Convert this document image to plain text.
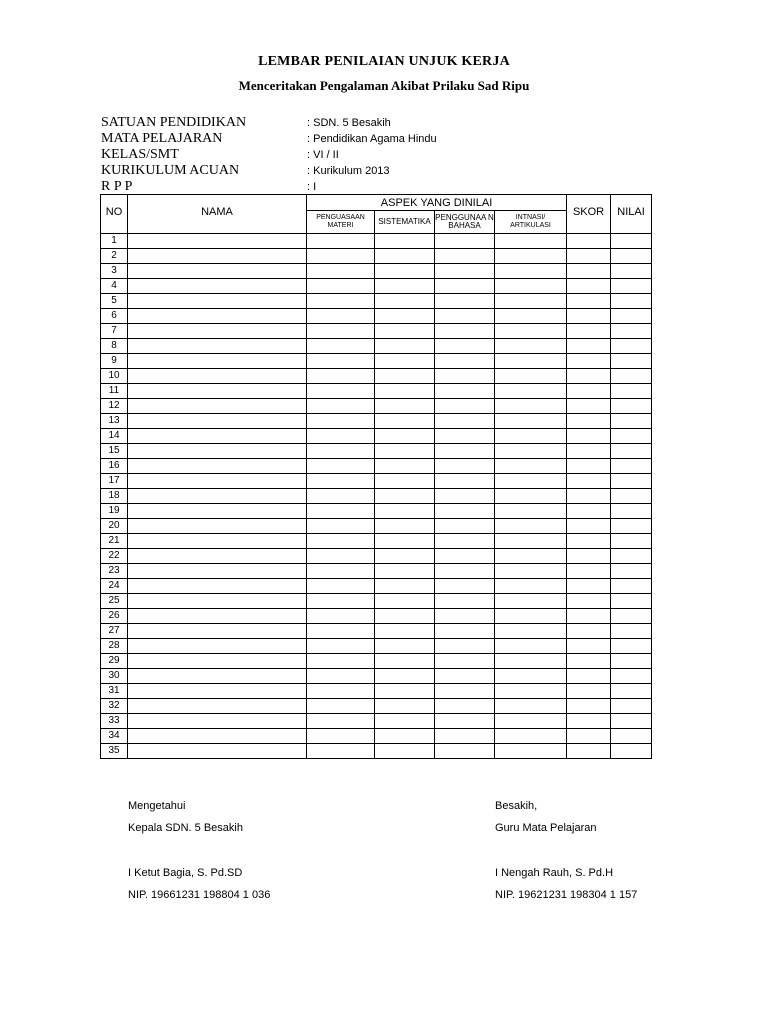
LEMBAR PENILAIAN UNJUK KERJA
Menceritakan Pengalaman Akibat Prilaku Sad Ripu
SATUAN PENDIDIKAN	: SDN. 5 Besakih
MATA PELAJARAN	: Pendidikan Agama Hindu
KELAS/SMT	: VI / II
KURIKULUM ACUAN	: Kurikulum 2013
R P P	: I
NO	NAMA	ASPEK YANG DINILAI				SKOR	NILAI
		PENGUASAAN MATERI	SISTEMATIKA	PENGGUNAA N BAHASA	INTNASI/ ARTIKULASI		
1							
2							
3							
4							
5							
6							
7							
8							
9							
10							
11							
12							
13							
14							
15							
16							
17							
18							
19							
20							
21							
22							
23							
24							
25							
26							
27							
28							
29							
30							
31							
32							
33							
34							
35							
Mengetahui
Kepala SDN. 5 Besakih
I Ketut Bagia, S. Pd.SD
NIP. 19661231 198804 1 036
Besakih,
Guru Mata Pelajaran
I Nengah Rauh, S. Pd.H
NIP. 19621231 198304 1 157
